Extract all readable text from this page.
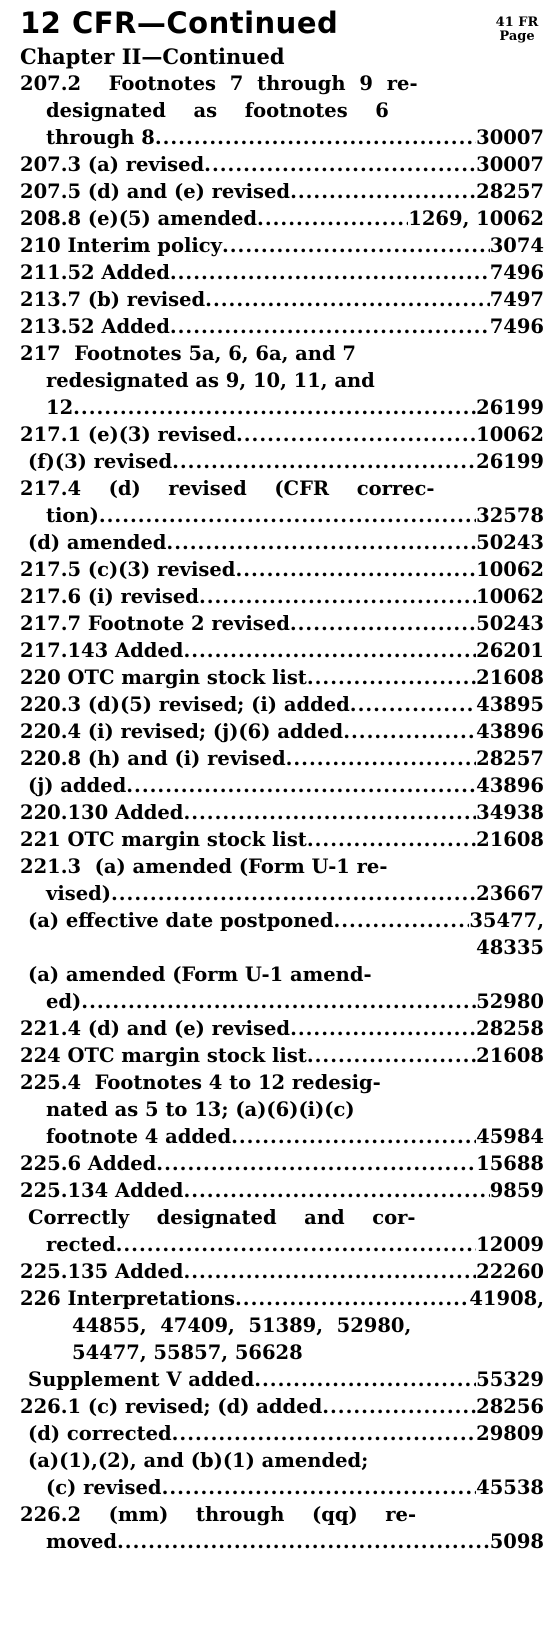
12 CFR—Continued	41 FR
Page
Chapter II—Continued
207.2  Footnotes 7 through 9 re-
designated  as  footnotes  6
through 8 .....	30007
207.3 (a) revised .....	30007
207.5 (d) and (e) revised .....	28257
208.8 (e)(5) amended .....	1269, 10062
210 Interim policy .....	3074
211.52 Added .....	7496
213.7 (b) revised .....	7497
213.52 Added .....	7496
217  Footnotes 5a, 6, 6a, and 7
redesignated as 9, 10, 11, and
12 .....	26199
217.1 (e)(3) revised .....	10062
(f)(3) revised .....	26199
217.4  (d)  revised  (CFR  correc-
tion) .....	32578
(d) amended .....	50243
217.5 (c)(3) revised .....	10062
217.6 (i) revised .....	10062
217.7 Footnote 2 revised .....	50243
217.143 Added .....	26201
220 OTC margin stock list .....	21608
220.3 (d)(5) revised; (i) added .....	43895
220.4 (i) revised; (j)(6) added .....	43896
220.8 (h) and (i) revised .....	28257
(j) added .....	43896
220.130 Added .....	34938
221 OTC margin stock list .....	21608
221.3  (a) amended (Form U-1 re-
vised) .....	23667
(a) effective date postponed .....	35477,
48335
(a) amended (Form U-1 amend-
ed) .....	52980
221.4 (d) and (e) revised .....	28258
224 OTC margin stock list .....	21608
225.4  Footnotes 4 to 12 redesig-
nated as 5 to 13; (a)(6)(i)(c)
footnote 4 added .....	45984
225.6 Added .....	15688
225.134 Added .....	9859
Correctly  designated  and  cor-
rected .....	12009
225.135 Added .....	22260
226 Interpretations .....	41908,
44855,  47409,  51389,  52980,
54477, 55857, 56628
Supplement V added .....	55329
226.1 (c) revised; (d) added .....	28256
(d) corrected .....	29809
(a)(1),(2), and (b)(1) amended;
(c) revised .....	45538
226.2  (mm)  through  (qq)  re-
moved .....	5098
